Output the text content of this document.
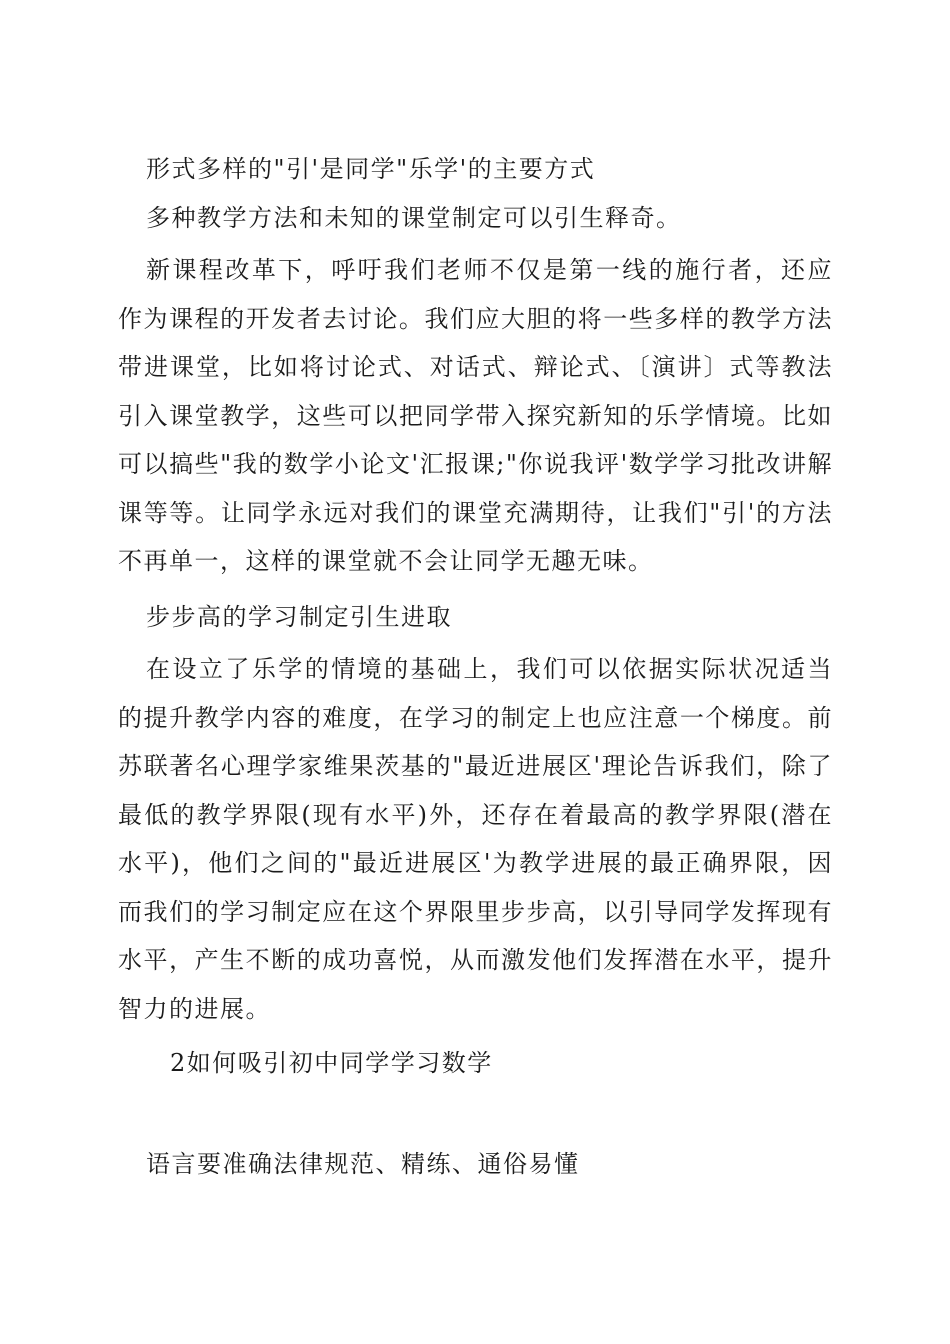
形式多样的"引'是同学"乐学'的主要方式
多种教学方法和未知的课堂制定可以引生释奇。
新课程改革下，呼吁我们老师不仅是第一线的施行者，还应作为课程的开发者去讨论。我们应大胆的将一些多样的教学方法带进课堂，比如将讨论式、对话式、辩论式、〔演讲〕式等教法引入课堂教学，这些可以把同学带入探究新知的乐学情境。比如可以搞些"我的数学小论文'汇报课;"你说我评'数学学习批改讲解课等等。让同学永远对我们的课堂充满期待，让我们"引'的方法不再单一，这样的课堂就不会让同学无趣无味。
步步高的学习制定引生进取
在设立了乐学的情境的基础上，我们可以依据实际状况适当的提升教学内容的难度，在学习的制定上也应注意一个梯度。前苏联著名心理学家维果茨基的"最近进展区'理论告诉我们，除了最低的教学界限(现有水平)外，还存在着最高的教学界限(潜在水平)，他们之间的"最近进展区'为教学进展的最正确界限，因而我们的学习制定应在这个界限里步步高，以引导同学发挥现有水平，产生不断的成功喜悦，从而激发他们发挥潜在水平，提升智力的进展。
2如何吸引初中同学学习数学
语言要准确法律规范、精练、通俗易懂
